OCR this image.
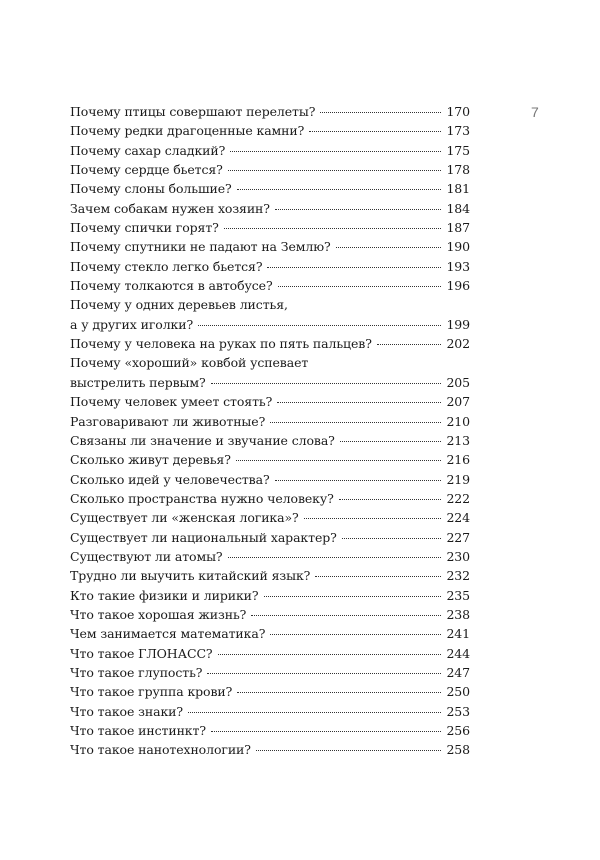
7
Почему птицы совершают перелеты?	170
Почему редки драгоценные камни?	173
Почему сахар сладкий?	175
Почему сердце бьется?	178
Почему слоны большие?	181
Зачем собакам нужен хозяин?	184
Почему спички горят?	187
Почему спутники не падают на Землю?	190
Почему стекло легко бьется?	193
Почему толкаются в автобусе?	196
Почему у одних деревьев листья,
а у других иголки?	199
Почему у человека на руках по пять пальцев?	202
Почему «хороший» ковбой успевает
выстрелить первым?	205
Почему человек умеет стоять?	207
Разговаривают ли животные?	210
Связаны ли значение и звучание слова?	213
Сколько живут деревья?	216
Сколько идей у человечества?	219
Сколько пространства нужно человеку?	222
Существует ли «женская логика»?	224
Существует ли национальный характер?	227
Существуют ли атомы?	230
Трудно ли выучить китайский язык?	232
Кто такие физики и лирики?	235
Что такое хорошая жизнь?	238
Чем занимается математика?	241
Что такое ГЛОНАСС?	244
Что такое глупость?	247
Что такое группа крови?	250
Что такое знаки?	253
Что такое инстинкт?	256
Что такое нанотехнологии?	258
